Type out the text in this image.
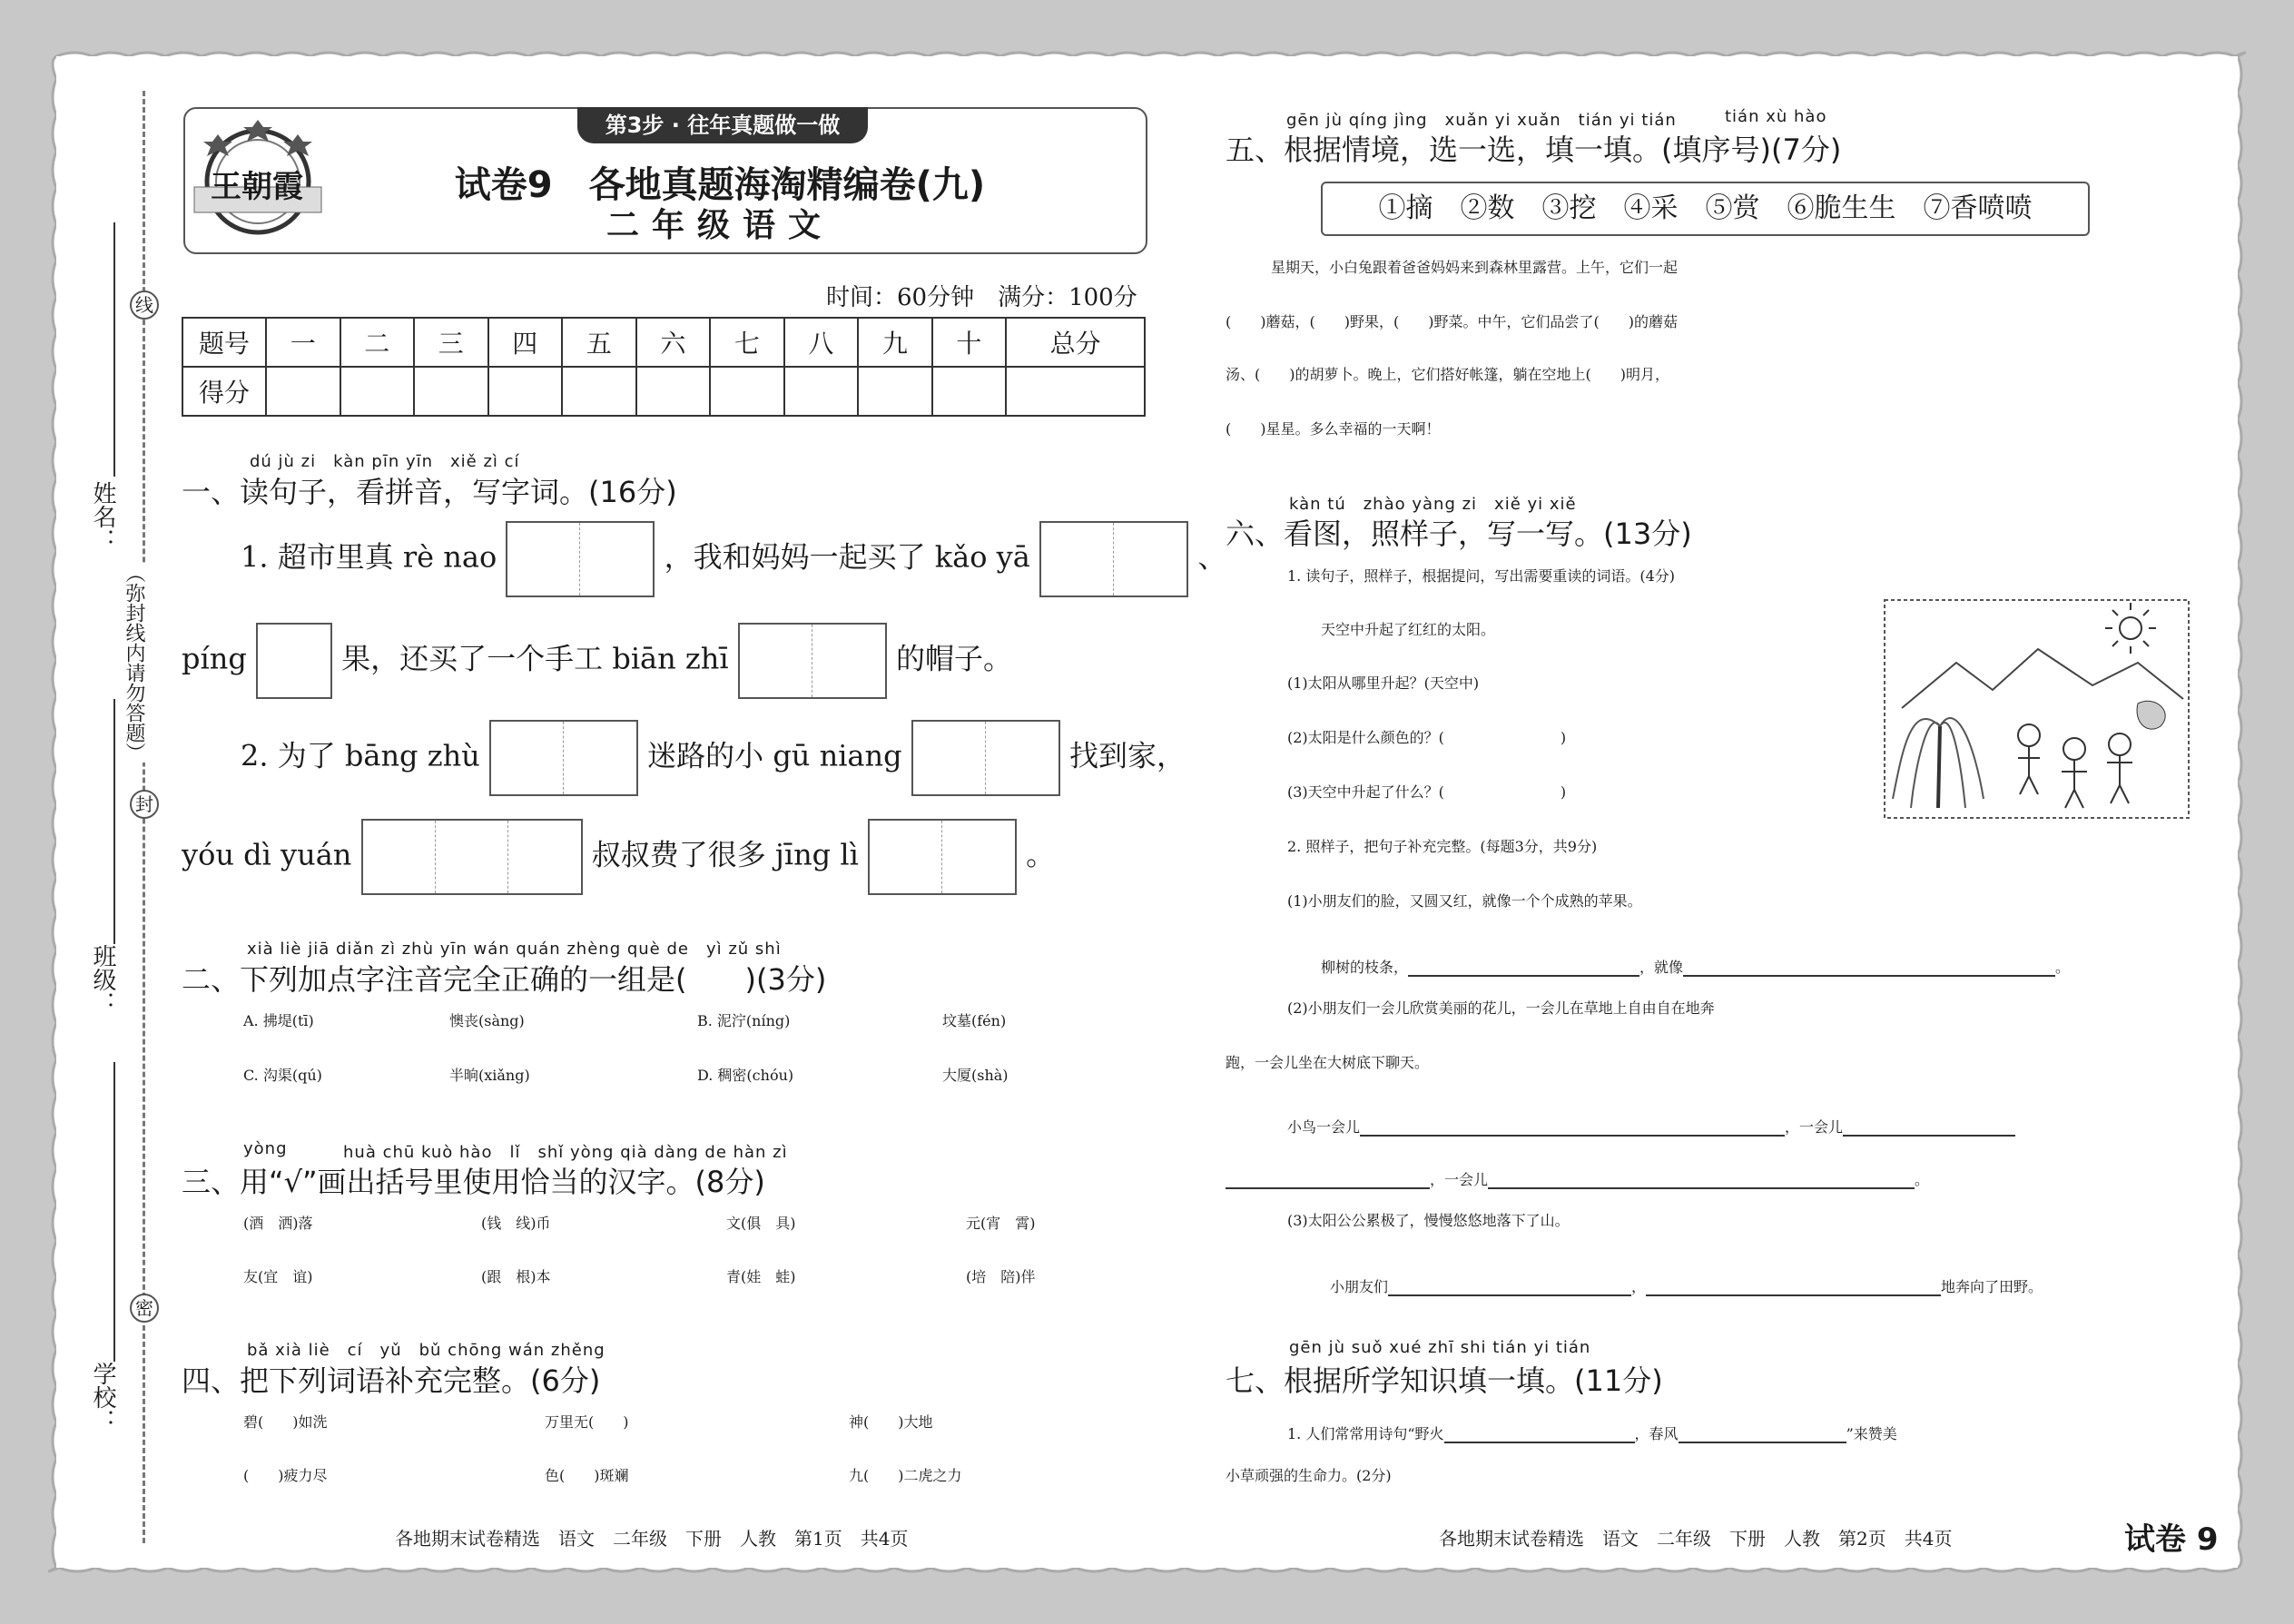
姓名：
班级：
学校：
线
（弥封线内请勿答题）
封
密
第3步 · 往年真题做一做
王朝霞	试卷9　各地真题海淘精编卷(九)
二年级语文
时间：60分钟　满分：100分
题号	一	二	三	四	五	六	七	八	九	十	总分
得分											
dú jù zi　kàn pīn yīn　xiě zì cí
一、读句子，看拼音，写字词。(16分)
1. 超市里真 rè nao	，我和妈妈一起买了 kǎo yā	、
píng	果，还买了一个手工 biān zhī	的帽子。
2. 为了 bāng zhù	迷路的小 gū niang	找到家，
yóu dì yuán	叔叔费了很多 jīng lì	。
xià liè jiā diǎn zì zhù yīn wán quán zhèng què de　yì zǔ shì
二、下列加点字注音完全正确的一组是(　　)(3分)
A. 拂堤(tī)	懊丧(sàng)	B. 泥泞(níng)	坟墓(fén)
C. 沟渠(qú)	半晌(xiǎng)	D. 稠密(chóu)	大厦(shà)
yòng	huà chū kuò hào　lǐ　shǐ yòng qià dàng de hàn zì
三、用“√”画出括号里使用恰当的汉字。(8分)
(酒　洒)落	(钱　线)币	文(俱　具)	元(宵　霄)
友(宜　谊)	(跟　根)本	青(娃　蛙)	(培　陪)伴
bǎ xià liè　cí　yǔ　bǔ chōng wán zhěng
四、把下列词语补充完整。(6分)
碧(　　)如洗	万里无(　　)	神(　　)大地
(　　)疲力尽	色(　　)斑斓	九(　　)二虎之力
各地期末试卷精选　语文　二年级　下册　人教　第1页　共4页
gēn jù qíng jìng　xuǎn yi xuǎn　tián yi tián	tián xù hào
五、根据情境，选一选，填一填。(填序号)(7分)
①摘　②数　③挖　④采　⑤赏　⑥脆生生　⑦香喷喷
星期天，小白兔跟着爸爸妈妈来到森林里露营。上午，它们一起
(　　)蘑菇，(　　)野果，(　　)野菜。中午，它们品尝了(　　)的蘑菇
汤、(　　)的胡萝卜。晚上，它们搭好帐篷，躺在空地上(　　)明月，
(　　)星星。多么幸福的一天啊！
kàn tú　zhào yàng zi　xiě yi xiě
六、看图，照样子，写一写。(13分)
1. 读句子，照样子，根据提问，写出需要重读的词语。(4分)
天空中升起了红红的太阳。
(1)太阳从哪里升起？(天空中)
(2)太阳是什么颜色的？(　　　　　　　　)
(3)天空中升起了什么？(　　　　　　　　)
2. 照样子，把句子补充完整。(每题3分，共9分)
(1)小朋友们的脸，又圆又红，就像一个个成熟的苹果。
柳树的枝条，	，就像	。
(2)小朋友们一会儿欣赏美丽的花儿，一会儿在草地上自由自在地奔
跑，一会儿坐在大树底下聊天。
小鸟一会儿	，一会儿
，一会儿	。
(3)太阳公公累极了，慢慢悠悠地落下了山。
小朋友们	，	地奔向了田野。
gēn jù suǒ xué zhī shi tián yi tián
七、根据所学知识填一填。(11分)
1. 人们常常用诗句“野火	，春风	”来赞美
小草顽强的生命力。(2分)
各地期末试卷精选　语文　二年级　下册　人教　第2页　共4页	试卷 9
